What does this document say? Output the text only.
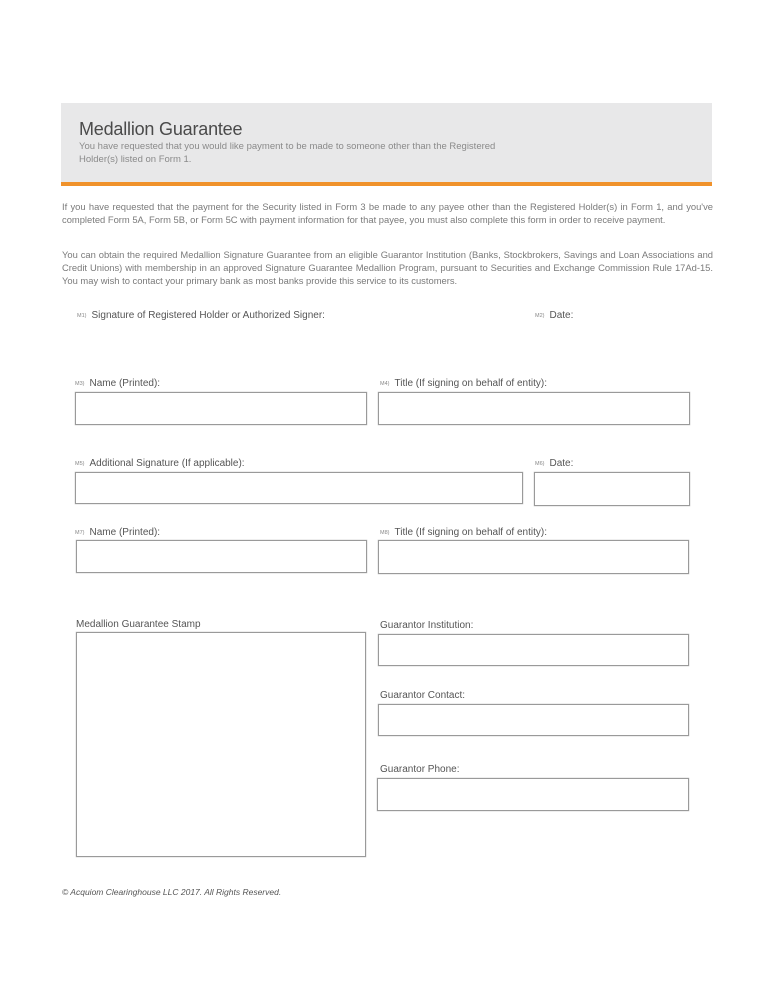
Medallion Guarantee
You have requested that you would like payment to be made to someone other than the Registered Holder(s) listed on Form 1.
If you have requested that the payment for the Security listed in Form 3 be made to any payee other than the Registered Holder(s) in Form 1, and you've completed Form 5A, Form 5B, or Form 5C with payment information for that payee, you must also complete this form in order to receive payment.
You can obtain the required Medallion Signature Guarantee from an eligible Guarantor Institution (Banks, Stockbrokers, Savings and Loan Associations and Credit Unions) with membership in an approved Signature Guarantee Medallion Program, pursuant to Securities and Exchange Commission Rule 17Ad-15. You may wish to contact your primary bank as most banks provide this service to its customers.
M1) Signature of Registered Holder or Authorized Signer:	M2) Date:
M3) Name (Printed):	M4) Title (If signing on behalf of entity):
M5) Additional Signature (If applicable):	M6) Date:
M7) Name (Printed):	M8) Title (If signing on behalf of entity):
Medallion Guarantee Stamp	Guarantor Institution:
Guarantor Contact:
Guarantor Phone:
© Acquiom Clearinghouse LLC 2017. All Rights Reserved.
